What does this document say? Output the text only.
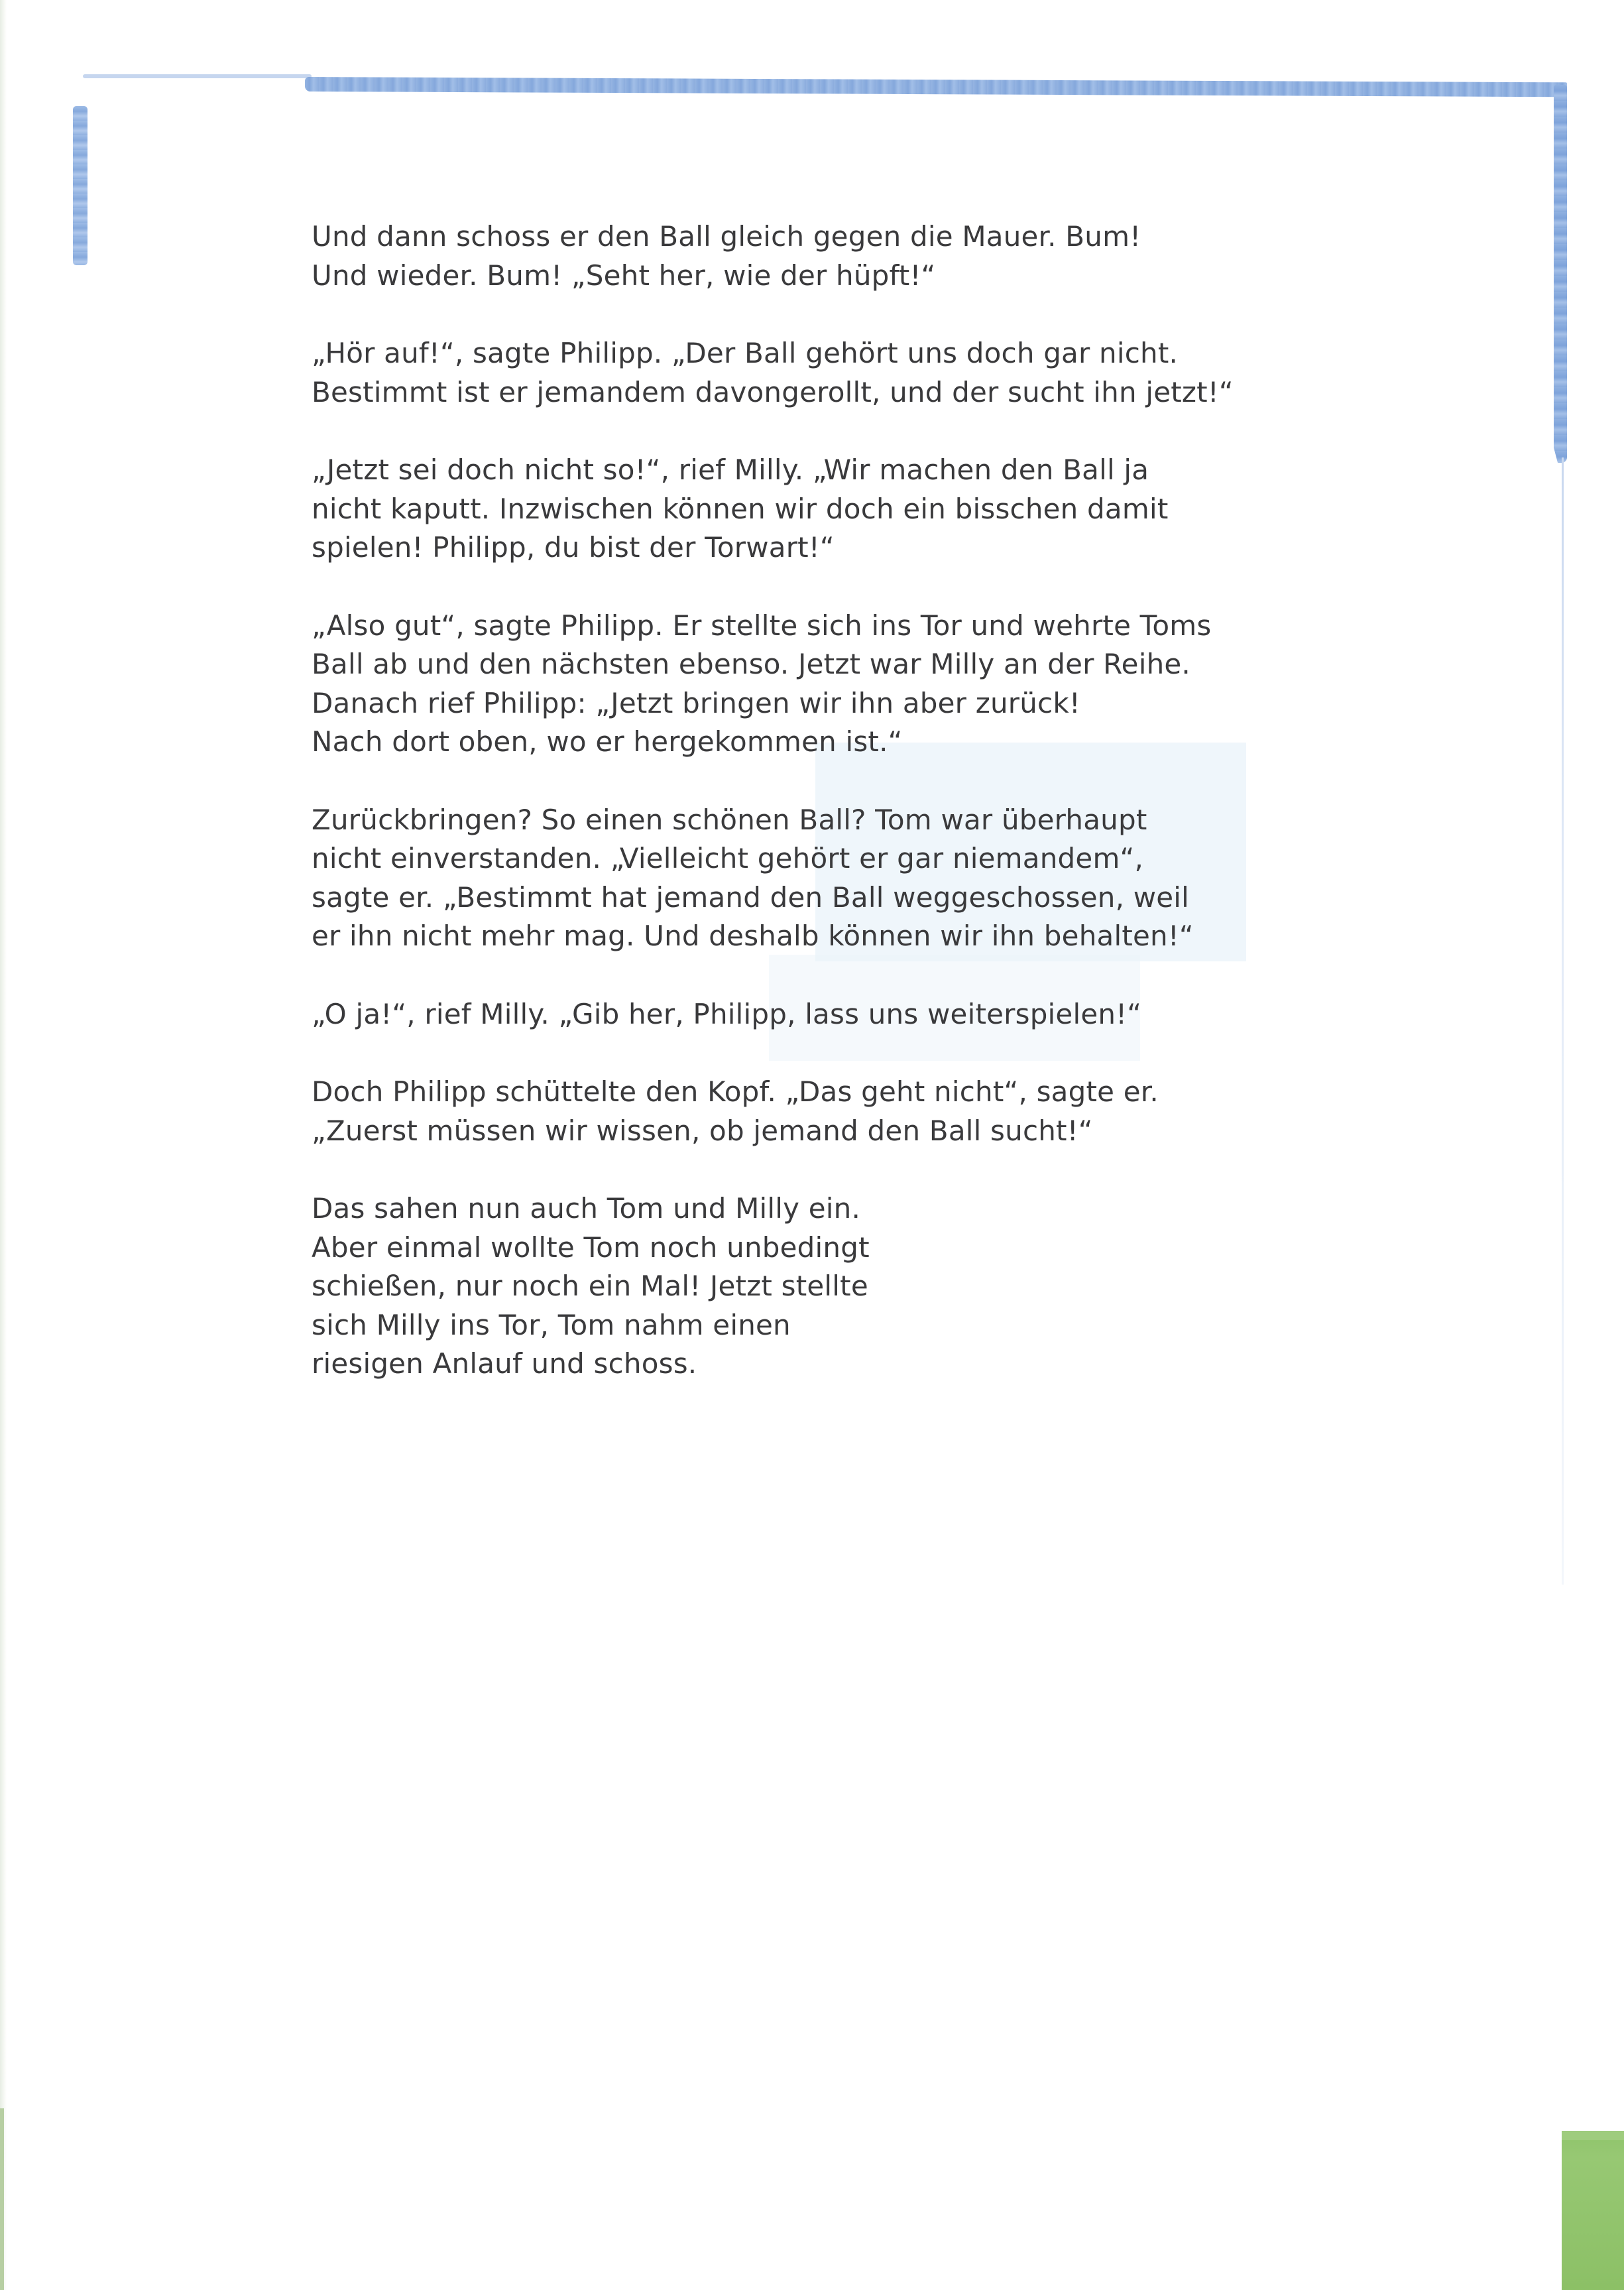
Und dann schoss er den Ball gleich gegen die Mauer. Bum!
Und wieder. Bum! „Seht her, wie der hüpft!“

„Hör auf!“, sagte Philipp. „Der Ball gehört uns doch gar nicht.
Bestimmt ist er jemandem davongerollt, und der sucht ihn jetzt!“

„Jetzt sei doch nicht so!“, rief Milly. „Wir machen den Ball ja
nicht kaputt. Inzwischen können wir doch ein bisschen damit
spielen! Philipp, du bist der Torwart!“

„Also gut“, sagte Philipp. Er stellte sich ins Tor und wehrte Toms
Ball ab und den nächsten ebenso. Jetzt war Milly an der Reihe.
Danach rief Philipp: „Jetzt bringen wir ihn aber zurück!
Nach dort oben, wo er hergekommen ist.“

Zurückbringen? So einen schönen Ball? Tom war überhaupt
nicht einverstanden. „Vielleicht gehört er gar niemandem“,
sagte er. „Bestimmt hat jemand den Ball weggeschossen, weil
er ihn nicht mehr mag. Und deshalb können wir ihn behalten!“

„O ja!“, rief Milly. „Gib her, Philipp, lass uns weiterspielen!“

Doch Philipp schüttelte den Kopf. „Das geht nicht“, sagte er.
„Zuerst müssen wir wissen, ob jemand den Ball sucht!“

Das sahen nun auch Tom und Milly ein.
Aber einmal wollte Tom noch unbedingt
schießen, nur noch ein Mal! Jetzt stellte
sich Milly ins Tor, Tom nahm einen
riesigen Anlauf und schoss.
